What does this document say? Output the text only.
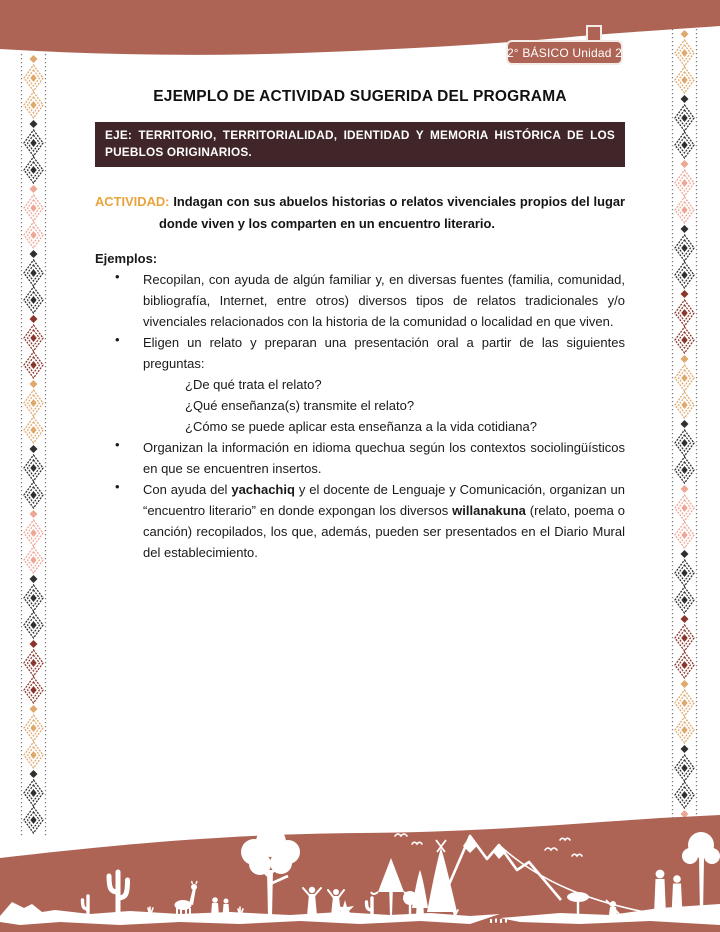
2° BÁSICO Unidad 2
EJEMPLO DE ACTIVIDAD SUGERIDA DEL PROGRAMA
EJE: TERRITORIO, TERRITORIALIDAD, IDENTIDAD Y MEMORIA HISTÓRICA DE LOS PUEBLOS ORIGINARIOS.
ACTIVIDAD: Indagan con sus abuelos historias o relatos vivenciales propios del lugar donde viven y los comparten en un encuentro literario.
Ejemplos:
• Recopilan, con ayuda de algún familiar y, en diversas fuentes (familia, comunidad, bibliografía, Internet, entre otros) diversos tipos de relatos tradicionales y/o vivenciales relacionados con la historia de la comunidad o localidad en que viven.
• Eligen un relato y preparan una presentación oral a partir de las siguientes preguntas:
¿De qué trata el relato?
¿Qué enseñanza(s) transmite el relato?
¿Cómo se puede aplicar esta enseñanza a la vida cotidiana?
• Organizan la información en idioma quechua según los contextos sociolingüísticos en que se encuentren insertos.
• Con ayuda del yachachiq y el docente de Lenguaje y Comunicación, organizan un “encuentro literario” en donde expongan los diversos willanakuna (relato, poema o canción) recopilados, los que, además, pueden ser presentados en el Diario Mural del establecimiento.
